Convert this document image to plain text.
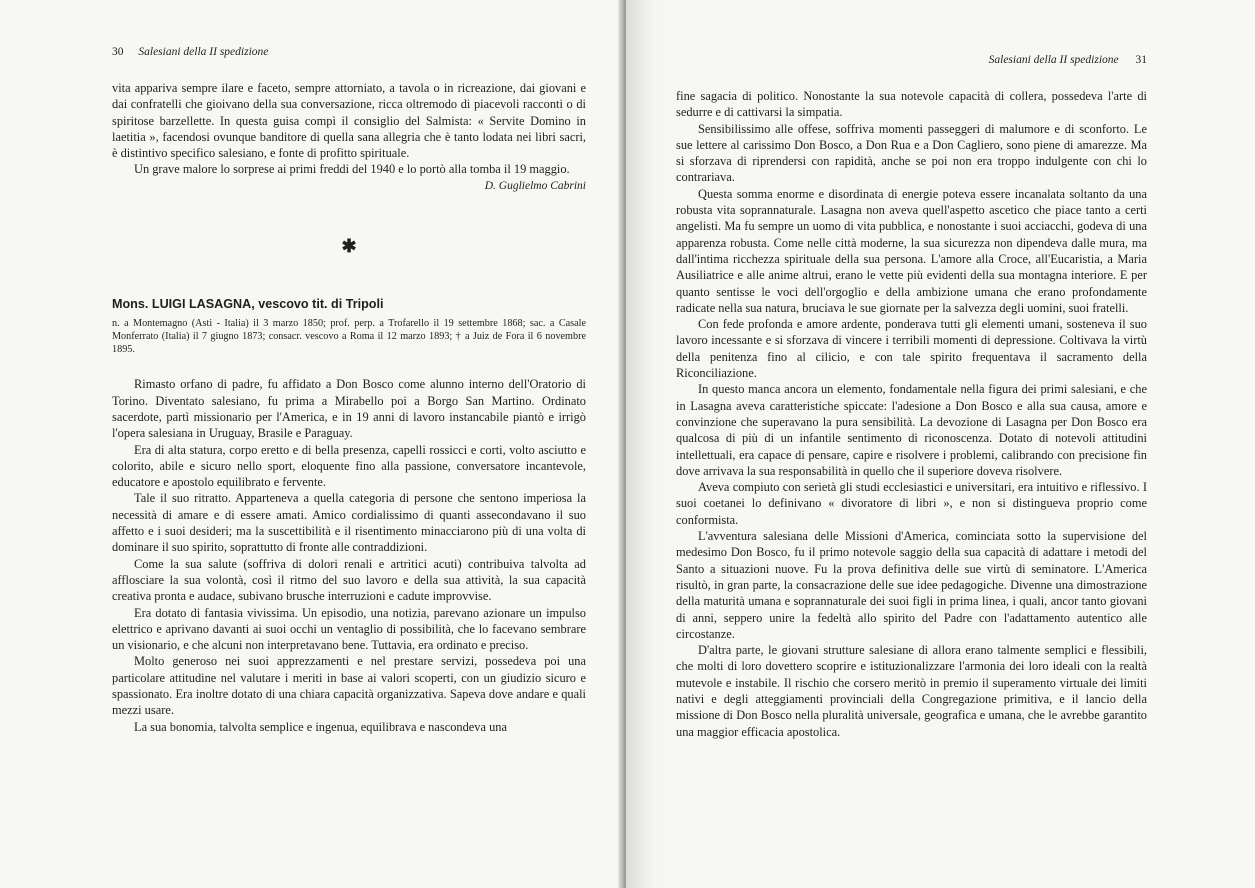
30 Salesiani della II spedizione

vita appariva sempre ilare e faceto, sempre attorniato, a tavola o in ricreazione, dai giovani e dai confratelli che gioivano della sua conversazione, ricca oltremodo di piacevoli racconti o di spiritose barzellette. In questa guisa compì il consiglio del Salmista: « Servite Domino in laetitia », facendosi ovunque banditore di quella sana allegria che è tanto lodata nei libri sacri, è distintivo specifico salesiano, e fonte di profitto spirituale.

Un grave malore lo sorprese ai primi freddi del 1940 e lo portò alla tomba il 19 maggio.

D. Guglielmo Cabrini
✱
Mons. LUIGI LASAGNA, vescovo tit. di Tripoli
n. a Montemagno (Asti - Italia) il 3 marzo 1850; prof. perp. a Trofarello il 19 settembre 1868; sac. a Casale Monferrato (Italia) il 7 giugno 1873; consacr. vescovo a Roma il 12 marzo 1893; † a Juiz de Fora il 6 novembre 1895.

Rimasto orfano di padre, fu affidato a Don Bosco come alunno interno dell'Oratorio di Torino. Diventato salesiano, fu prima a Mirabello poi a Borgo San Martino. Ordinato sacerdote, partì missionario per l'America, e in 19 anni di lavoro instancabile piantò e irrigò l'opera salesiana in Uruguay, Brasile e Paraguay.

Era di alta statura, corpo eretto e di bella presenza, capelli rossicci e corti, volto asciutto e colorito, abile e sicuro nello sport, eloquente fino alla passione, conversatore incantevole, educatore e apostolo equilibrato e fervente.

Tale il suo ritratto. Apparteneva a quella categoria di persone che sentono imperiosa la necessità di amare e di essere amati. Amico cordialissimo di quanti assecondavano il suo affetto e i suoi desideri; ma la suscettibilità e il risentimento minacciarono più di una volta di dominare il suo spirito, soprattutto di fronte alle contraddizioni.

Come la sua salute (soffriva di dolori renali e artritici acuti) contribuiva talvolta ad afflosciare la sua volontà, così il ritmo del suo lavoro e della sua attività, la sua capacità creativa pronta e audace, subivano brusche interruzioni e cadute improvvise.

Era dotato di fantasia vivissima. Un episodio, una notizia, parevano azionare un impulso elettrico e aprivano davanti ai suoi occhi un ventaglio di possibilità, che lo facevano sembrare un visionario, e che alcuni non interpretavano bene. Tuttavia, era ordinato e preciso.

Molto generoso nei suoi apprezzamenti e nel prestare servizi, possedeva poi una particolare attitudine nel valutare i meriti in base ai valori scoperti, con un giudizio sicuro e spassionato. Era inoltre dotato di una chiara capacità organizzativa. Sapeva dove andare e quali mezzi usare.

La sua bonomia, talvolta semplice e ingenua, equilibrava e nascondeva una

Salesiani della II spedizione 31

fine sagacia di politico. Nonostante la sua notevole capacità di collera, possedeva l'arte di sedurre e di cattivarsi la simpatia.

Sensibilissimo alle offese, soffriva momenti passeggeri di malumore e di sconforto. Le sue lettere al carissimo Don Bosco, a Don Rua e a Don Cagliero, sono piene di amarezze. Ma si sforzava di riprendersi con rapidità, anche se poi non era troppo indulgente con chi lo contrariava.

Questa somma enorme e disordinata di energie poteva essere incanalata soltanto da una robusta vita soprannaturale. Lasagna non aveva quell'aspetto ascetico che piace tanto a certi angelisti. Ma fu sempre un uomo di vita pubblica, e nonostante i suoi acciacchi, godeva di una apparenza robusta. Come nelle città moderne, la sua sicurezza non dipendeva dalle mura, ma dall'intima ricchezza spirituale della sua persona. L'amore alla Croce, all'Eucaristia, a Maria Ausiliatrice e alle anime altrui, erano le vette più evidenti della sua montagna interiore. E per quanto sentisse le voci dell'orgoglio e della ambizione umana che erano profondamente radicate nella sua natura, bruciava le sue giornate per la salvezza degli uomini, suoi fratelli.

Con fede profonda e amore ardente, ponderava tutti gli elementi umani, sosteneva il suo lavoro incessante e si sforzava di vincere i terribili momenti di depressione. Coltivava la virtù della penitenza fino al cilicio, e con tale spirito frequentava il sacramento della Riconciliazione.

In questo manca ancora un elemento, fondamentale nella figura dei primi salesiani, e che in Lasagna aveva caratteristiche spiccate: l'adesione a Don Bosco e alla sua causa, amore e convinzione che superavano la pura sensibilità. La devozione di Lasagna per Don Bosco era qualcosa di più di un infantile sentimento di riconoscenza. Dotato di notevoli attitudini intellettuali, era capace di pensare, capire e risolvere i problemi, calibrando con precisione fin dove arrivava la sua responsabilità in quello che il superiore doveva risolvere.

Aveva compiuto con serietà gli studi ecclesiastici e universitari, era intuitivo e riflessivo. I suoi coetanei lo definivano « divoratore di libri », e non si distingueva proprio come conformista.

L'avventura salesiana delle Missioni d'America, cominciata sotto la supervisione del medesimo Don Bosco, fu il primo notevole saggio della sua capacità di adattare i metodi del Santo a situazioni nuove. Fu la prova definitiva delle sue virtù di seminatore. L'America risultò, in gran parte, la consacrazione delle sue idee pedagogiche. Divenne una dimostrazione della maturità umana e soprannaturale dei suoi figli in prima linea, i quali, ancor tanto giovani di anni, seppero unire la fedeltà allo spirito del Padre con l'adattamento autentico alle circostanze.

D'altra parte, le giovani strutture salesiane di allora erano talmente semplici e flessibili, che molti di loro dovettero scoprire e istituzionalizzare l'armonia dei loro ideali con la realtà mutevole e instabile. Il rischio che corsero meritò in premio il superamento virtuale dei limiti nativi e degli atteggiamenti provinciali della Congregazione primitiva, e il lancio della missione di Don Bosco nella pluralità universale, geografica e umana, che le avrebbe garantito una maggior efficacia apostolica.
